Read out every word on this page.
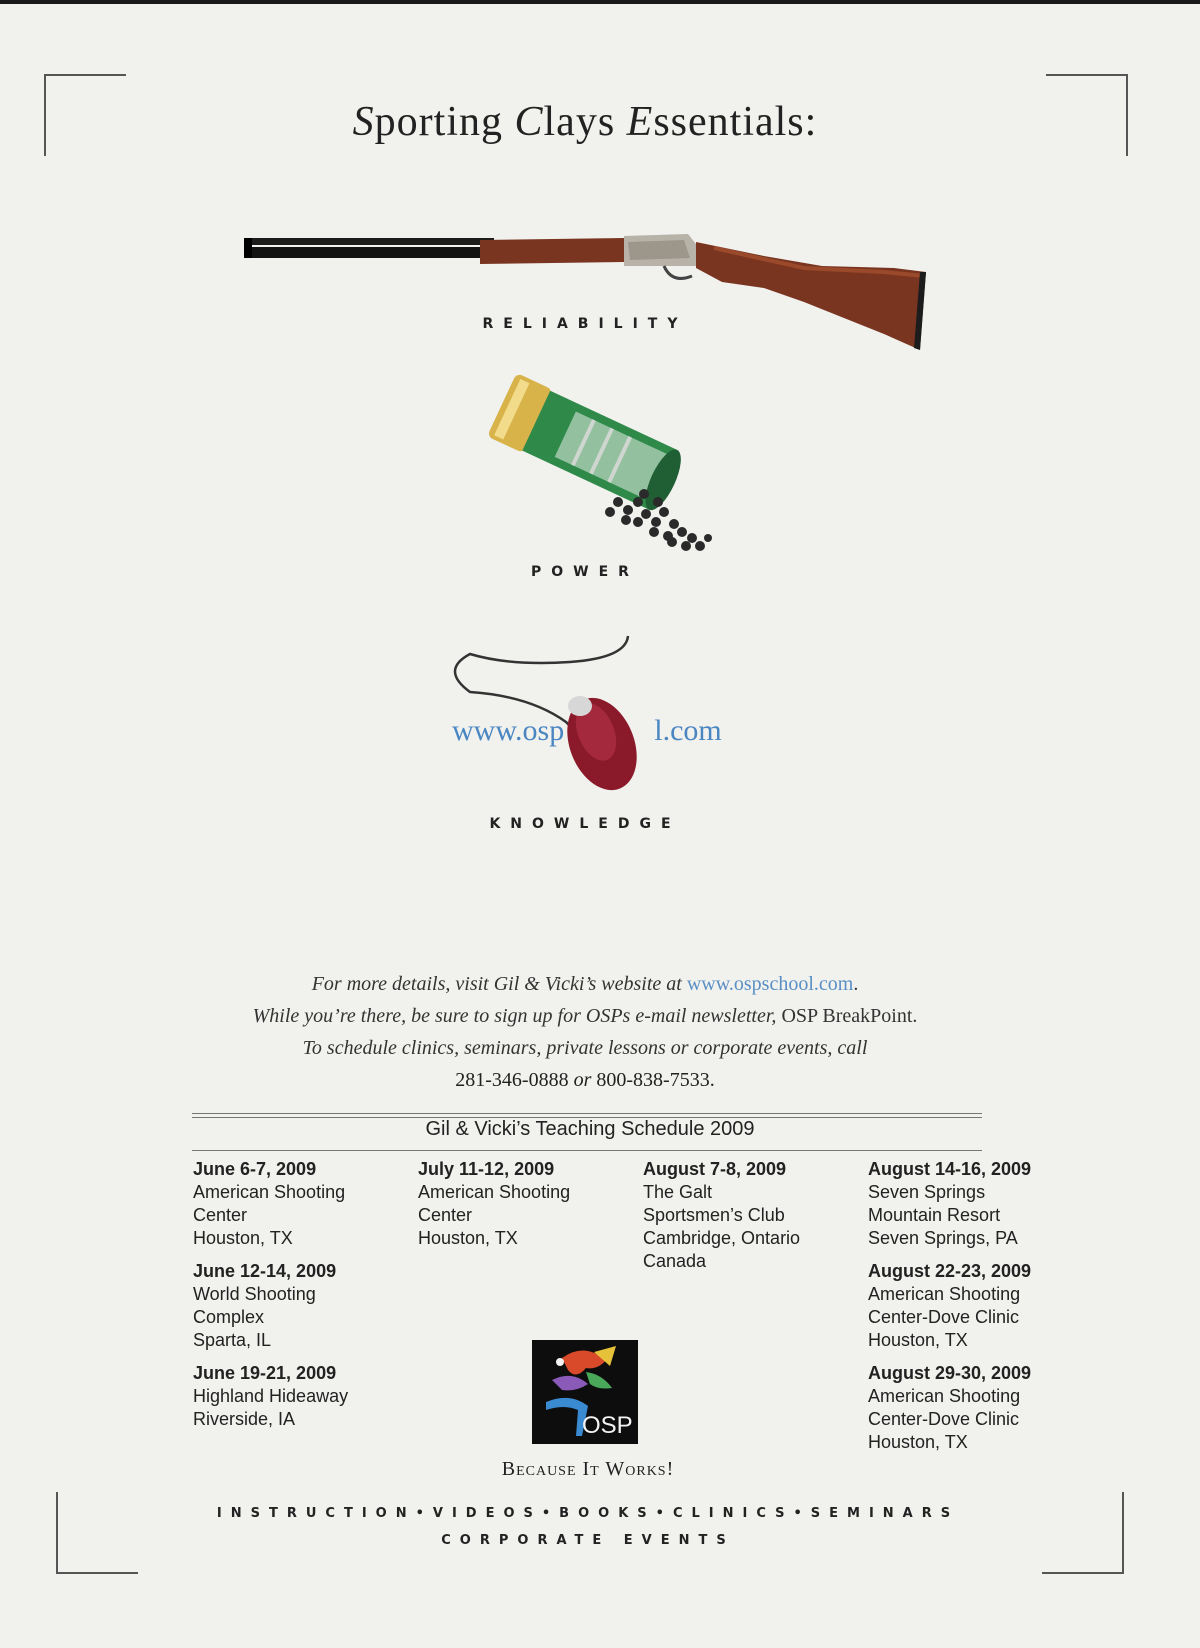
Sporting Clays Essentials:
RELIABILITY
POWER
www.osp	l.com
KNOWLEDGE
For more details, visit Gil & Vicki’s website at www.ospschool.com.
While you’re there, be sure to sign up for OSPs e-mail newsletter, OSP BreakPoint.
To schedule clinics, seminars, private lessons or corporate events, call
281-346-0888 or 800-838-7533.
Gil & Vicki’s Teaching Schedule 2009
June 6-7, 2009
American Shooting
Center
Houston, TX
June 12-14, 2009
World Shooting
Complex
Sparta, IL
June 19-21, 2009
Highland Hideaway
Riverside, IA
July 11-12, 2009
American Shooting
Center
Houston, TX
August 7-8, 2009
The Galt
Sportsmen’s Club
Cambridge, Ontario
Canada
August 14-16, 2009
Seven Springs
Mountain Resort
Seven Springs, PA
August 22-23, 2009
American Shooting
Center-Dove Clinic
Houston, TX
August 29-30, 2009
American Shooting
Center-Dove Clinic
Houston, TX
OSP
Because It Works!
INSTRUCTION•VIDEOS•BOOKS•CLINICS•SEMINARS
CORPORATE EVENTS
